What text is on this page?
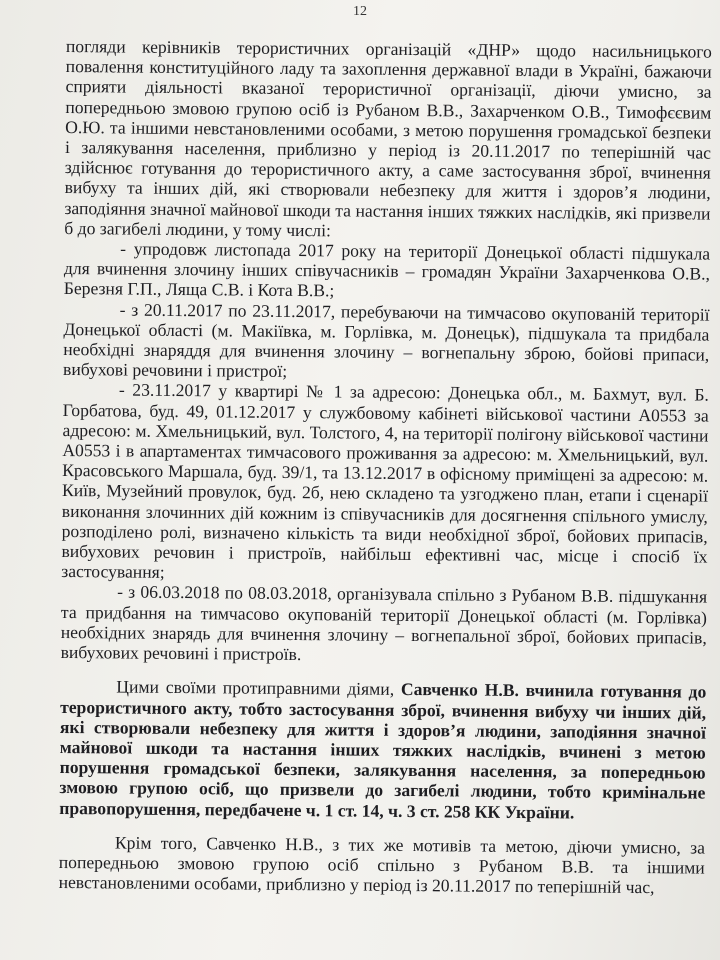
12

погляди керівників терористичних організацій «ДНР» щодо насильницького повалення конституційного ладу та захоплення державної влади в Україні, бажаючи сприяти діяльності вказаної терористичної організації, діючи умисно, за попередньою змовою групою осіб із Рубаном В.В., Захарченком О.В., Тимофєєвим О.Ю. та іншими невстановленими особами, з метою порушення громадської безпеки і залякування населення, приблизно у період із 20.11.2017 по теперішній час здійснює готування до терористичного акту, а саме застосування зброї, вчинення вибуху та інших дій, які створювали небезпеку для життя і здоров’я людини, заподіяння значної майнової шкоди та настання інших тяжких наслідків, які призвели б до загибелі людини, у тому числі:

- упродовж листопада 2017 року на території Донецької області підшукала для вчинення злочину інших співучасників – громадян України Захарченкова О.В., Березня Г.П., Ляща С.В. і Кота В.В.;

- з 20.11.2017 по 23.11.2017, перебуваючи на тимчасово окупованій території Донецької області (м. Макіївка, м. Горлівка, м. Донецьк), підшукала та придбала необхідні знаряддя для вчинення злочину – вогнепальну зброю, бойові припаси, вибухові речовини і пристрої;

- 23.11.2017 у квартирі № 1 за адресою: Донецька обл., м. Бахмут, вул. Б. Горбатова, буд. 49, 01.12.2017 у службовому кабінеті військової частини А0553 за адресою: м. Хмельницький, вул. Толстого, 4, на території полігону військової частини А0553 і в апартаментах тимчасового проживання за адресою: м. Хмельницький, вул. Красовського Маршала, буд. 39/1, та 13.12.2017 в офісному приміщені за адресою: м. Київ, Музейний провулок, буд. 2б, нею складено та узгоджено план, етапи і сценарії виконання злочинних дій кожним із співучасників для досягнення спільного умислу, розподілено ролі, визначено кількість та види необхідної зброї, бойових припасів, вибухових речовин і пристроїв, найбільш ефективні час, місце і спосіб їх застосування;

- з 06.03.2018 по 08.03.2018, організувала спільно з Рубаном В.В. підшукання та придбання на тимчасово окупованій території Донецької області (м. Горлівка) необхідних знарядь для вчинення злочину – вогнепальної зброї, бойових припасів, вибухових речовині і пристроїв.

Цими своїми протиправними діями, Савченко Н.В. вчинила готування до терористичного акту, тобто застосування зброї, вчинення вибуху чи інших дій, які створювали небезпеку для життя і здоров’я людини, заподіяння значної майнової шкоди та настання інших тяжких наслідків, вчинені з метою порушення громадської безпеки, залякування населення, за попередньою змовою групою осіб, що призвели до загибелі людини, тобто кримінальне правопорушення, передбачене ч. 1 ст. 14, ч. 3 ст. 258 КК України.

Крім того, Савченко Н.В., з тих же мотивів та метою, діючи умисно, за попередньою змовою групою осіб спільно з Рубаном В.В. та іншими невстановленими особами, приблизно у період із 20.11.2017 по теперішній час,
